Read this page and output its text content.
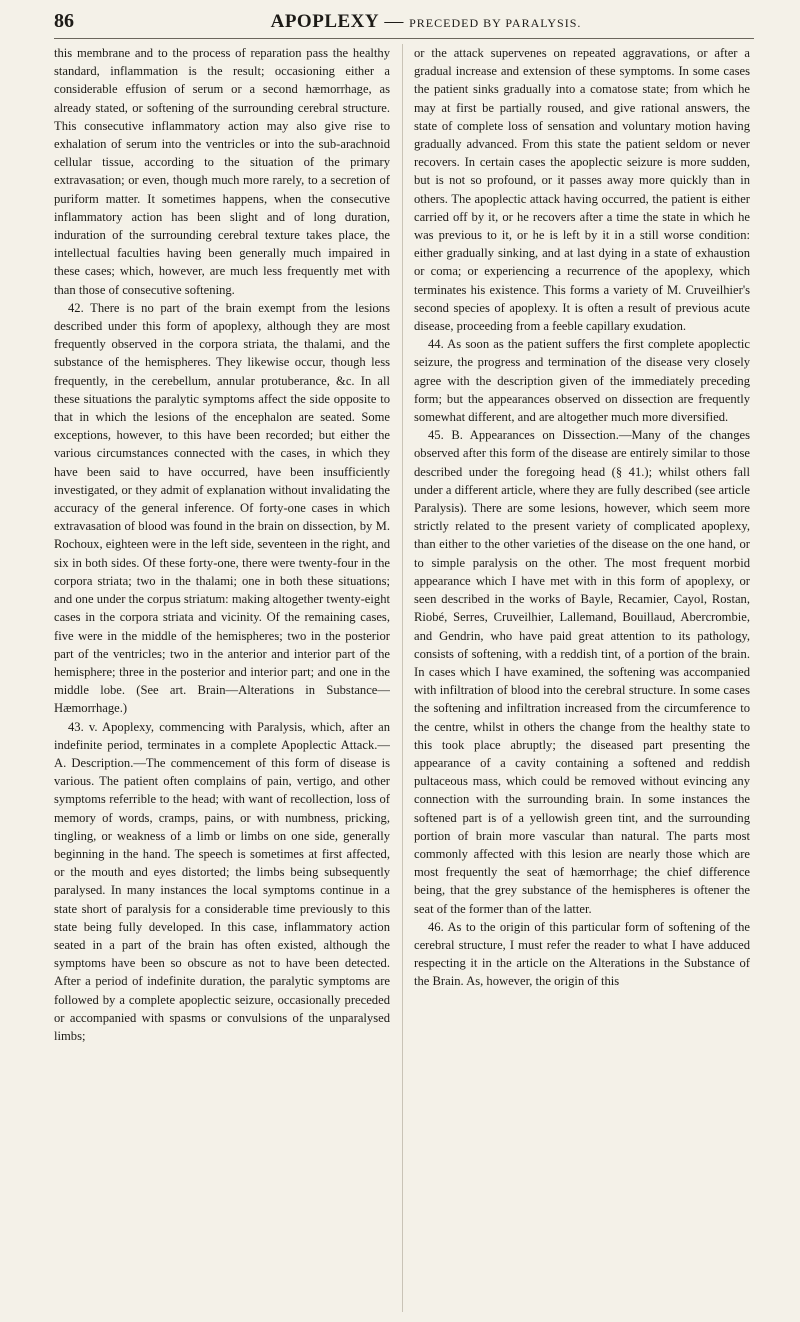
86	APOPLEXY — PRECEDED BY PARALYSIS.

this membrane and to the process of reparation pass the healthy standard, inflammation is the result; occasioning either a considerable effusion of serum or a second hæmorrhage, as already stated, or softening of the surrounding cerebral structure. This consecutive inflammatory action may also give rise to exhalation of serum into the ventricles or into the sub-arachnoid cellular tissue, according to the situation of the primary extravasation; or even, though much more rarely, to a secretion of puriform matter. It sometimes happens, when the consecutive inflammatory action has been slight and of long duration, induration of the surrounding cerebral texture takes place, the intellectual faculties having been generally much impaired in these cases; which, however, are much less frequently met with than those of consecutive softening.

42. There is no part of the brain exempt from the lesions described under this form of apoplexy, although they are most frequently observed in the corpora striata, the thalami, and the substance of the hemispheres. They likewise occur, though less frequently, in the cerebellum, annular protuberance, &c. In all these situations the paralytic symptoms affect the side opposite to that in which the lesions of the encephalon are seated. Some exceptions, however, to this have been recorded; but either the various circumstances connected with the cases, in which they have been said to have occurred, have been insufficiently investigated, or they admit of explanation without invalidating the accuracy of the general inference. Of forty-one cases in which extravasation of blood was found in the brain on dissection, by M. Rochoux, eighteen were in the left side, seventeen in the right, and six in both sides. Of these forty-one, there were twenty-four in the corpora striata; two in the thalami; one in both these situations; and one under the corpus striatum: making altogether twenty-eight cases in the corpora striata and vicinity. Of the remaining cases, five were in the middle of the hemispheres; two in the posterior part of the ventricles; two in the anterior and interior part of the hemisphere; three in the posterior and interior part; and one in the middle lobe. (See art. Brain—Alterations in Substance—Hæmorrhage.)

43. v. Apoplexy, commencing with Paralysis, which, after an indefinite period, terminates in a complete Apoplectic Attack.— A. Description.—The commencement of this form of disease is various. The patient often complains of pain, vertigo, and other symptoms referrible to the head; with want of recollection, loss of memory of words, cramps, pains, or with numbness, pricking, tingling, or weakness of a limb or limbs on one side, generally beginning in the hand. The speech is sometimes at first affected, or the mouth and eyes distorted; the limbs being subsequently paralysed. In many instances the local symptoms continue in a state short of paralysis for a considerable time previously to this state being fully developed. In this case, inflammatory action seated in a part of the brain has often existed, although the symptoms have been so obscure as not to have been detected. After a period of indefinite duration, the paralytic symptoms are followed by a complete apoplectic seizure, occasionally preceded or accompanied with spasms or convulsions of the unparalysed limbs;

or the attack supervenes on repeated aggravations, or after a gradual increase and extension of these symptoms. In some cases the patient sinks gradually into a comatose state; from which he may at first be partially roused, and give rational answers, the state of complete loss of sensation and voluntary motion having gradually advanced. From this state the patient seldom or never recovers. In certain cases the apoplectic seizure is more sudden, but is not so profound, or it passes away more quickly than in others. The apoplectic attack having occurred, the patient is either carried off by it, or he recovers after a time the state in which he was previous to it, or he is left by it in a still worse condition: either gradually sinking, and at last dying in a state of exhaustion or coma; or experiencing a recurrence of the apoplexy, which terminates his existence. This forms a variety of M. Cruveilhier's second species of apoplexy. It is often a result of previous acute disease, proceeding from a feeble capillary exudation.

44. As soon as the patient suffers the first complete apoplectic seizure, the progress and termination of the disease very closely agree with the description given of the immediately preceding form; but the appearances observed on dissection are frequently somewhat different, and are altogether much more diversified.

45. B. Appearances on Dissection.—Many of the changes observed after this form of the disease are entirely similar to those described under the foregoing head (§ 41.); whilst others fall under a different article, where they are fully described (see article Paralysis). There are some lesions, however, which seem more strictly related to the present variety of complicated apoplexy, than either to the other varieties of the disease on the one hand, or to simple paralysis on the other. The most frequent morbid appearance which I have met with in this form of apoplexy, or seen described in the works of Bayle, Recamier, Cayol, Rostan, Riobé, Serres, Cruveilhier, Lallemand, Bouillaud, Abercrombie, and Gendrin, who have paid great attention to its pathology, consists of softening, with a reddish tint, of a portion of the brain. In cases which I have examined, the softening was accompanied with infiltration of blood into the cerebral structure. In some cases the softening and infiltration increased from the circumference to the centre, whilst in others the change from the healthy state to this took place abruptly; the diseased part presenting the appearance of a cavity containing a softened and reddish pultaceous mass, which could be removed without evincing any connection with the surrounding brain. In some instances the softened part is of a yellowish green tint, and the surrounding portion of brain more vascular than natural. The parts most commonly affected with this lesion are nearly those which are most frequently the seat of hæmorrhage; the chief difference being, that the grey substance of the hemispheres is oftener the seat of the former than of the latter.

46. As to the origin of this particular form of softening of the cerebral structure, I must refer the reader to what I have adduced respecting it in the article on the Alterations in the Substance of the Brain. As, however, the origin of this
